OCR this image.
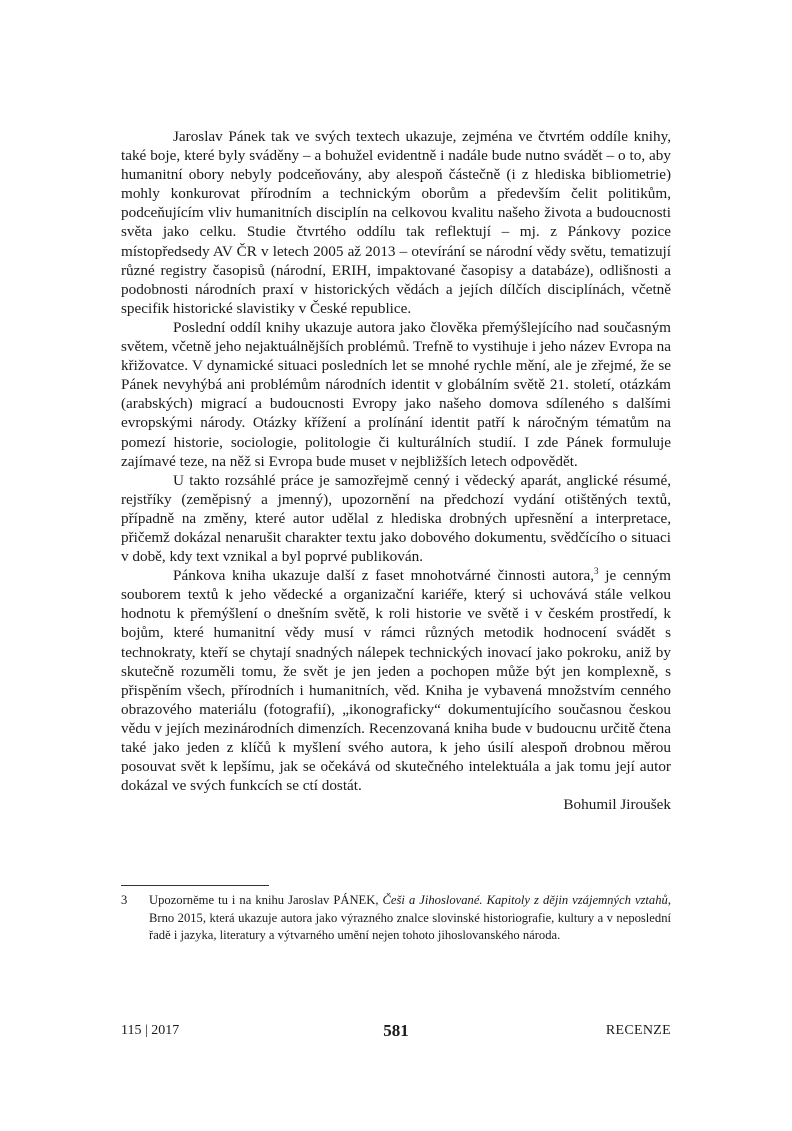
Jaroslav Pánek tak ve svých textech ukazuje, zejména ve čtvrtém oddíle knihy, také boje, které byly sváděny – a bohužel evidentně i nadále bude nutno svádět – o to, aby humanitní obory nebyly podceňovány, aby alespoň částečně (i z hlediska bibliometrie) mohly konkurovat přírodním a technickým oborům a především čelit politikům, podceňujícím vliv humanitních disciplín na celkovou kvalitu našeho života a budoucnosti světa jako celku. Studie čtvrtého oddílu tak reflektují – mj. z Pánkovy pozice místopředsedy AV ČR v letech 2005 až 2013 – otevírání se národní vědy světu, tematizují různé registry časopisů (národní, ERIH, impaktované časopisy a databáze), odlišnosti a podobnosti národních praxí v historických vědách a jejích dílčích disciplínách, včetně specifik historické slavistiky v České republice.

Poslední oddíl knihy ukazuje autora jako člověka přemýšlejícího nad současným světem, včetně jeho nejaktuálnějších problémů. Trefně to vystihuje i jeho název Evropa na křižovatce. V dynamické situaci posledních let se mnohé rychle mění, ale je zřejmé, že se Pánek nevyhýbá ani problémům národních identit v globálním světě 21. století, otázkám (arabských) migrací a budoucnosti Evropy jako našeho domova sdíleného s dalšími evropskými národy. Otázky křížení a prolínání identit patří k náročným tématům na pomezí historie, sociologie, politologie či kulturálních studií. I zde Pánek formuluje zajímavé teze, na něž si Evropa bude muset v nejbližších letech odpovědět.

U takto rozsáhlé práce je samozřejmě cenný i vědecký aparát, anglické résumé, rejstříky (zeměpisný a jmenný), upozornění na předchozí vydání otištěných textů, případně na změny, které autor udělal z hlediska drobných upřesnění a interpretace, přičemž dokázal nenarušit charakter textu jako dobového dokumentu, svědčícího o situaci v době, kdy text vznikal a byl poprvé publikován.

Pánkova kniha ukazuje další z faset mnohotvárné činnosti autora,$^3$ je cenným souborem textů k jeho vědecké a organizační kariéře, který si uchovává stále velkou hodnotu k přemýšlení o dnešním světě, k roli historie ve světě i v českém prostředí, k bojům, které humanitní vědy musí v rámci různých metodik hodnocení svádět s technokraty, kteří se chytají snadných nálepek technických inovací jako pokroku, aniž by skutečně rozuměli tomu, že svět je jen jeden a pochopen může být jen komplexně, s přispěním všech, přírodních i humanitních, věd. Kniha je vybavená množstvím cenného obrazového materiálu (fotografií), „ikonograficky“ dokumentujícího současnou českou vědu v jejích mezinárodních dimenzích. Recenzovaná kniha bude v budoucnu určitě čtena také jako jeden z klíčů k myšlení svého autora, k jeho úsilí alespoň drobnou měrou posouvat svět k lepšímu, jak se očekává od skutečného intelektuála a jak tomu její autor dokázal ve svých funkcích se ctí dostát.

Bohumil Jiroušek

3 Upozorněme tu i na knihu Jaroslav PÁNEK, Češi a Jihoslované. Kapitoly z dějin vzájemných vztahů, Brno 2015, která ukazuje autora jako výrazného znalce slovinské historiografie, kultury a v neposlední řadě i jazyka, literatury a výtvarného umění nejen tohoto jihoslovanského národa.
115 | 2017	581	RECENZE
